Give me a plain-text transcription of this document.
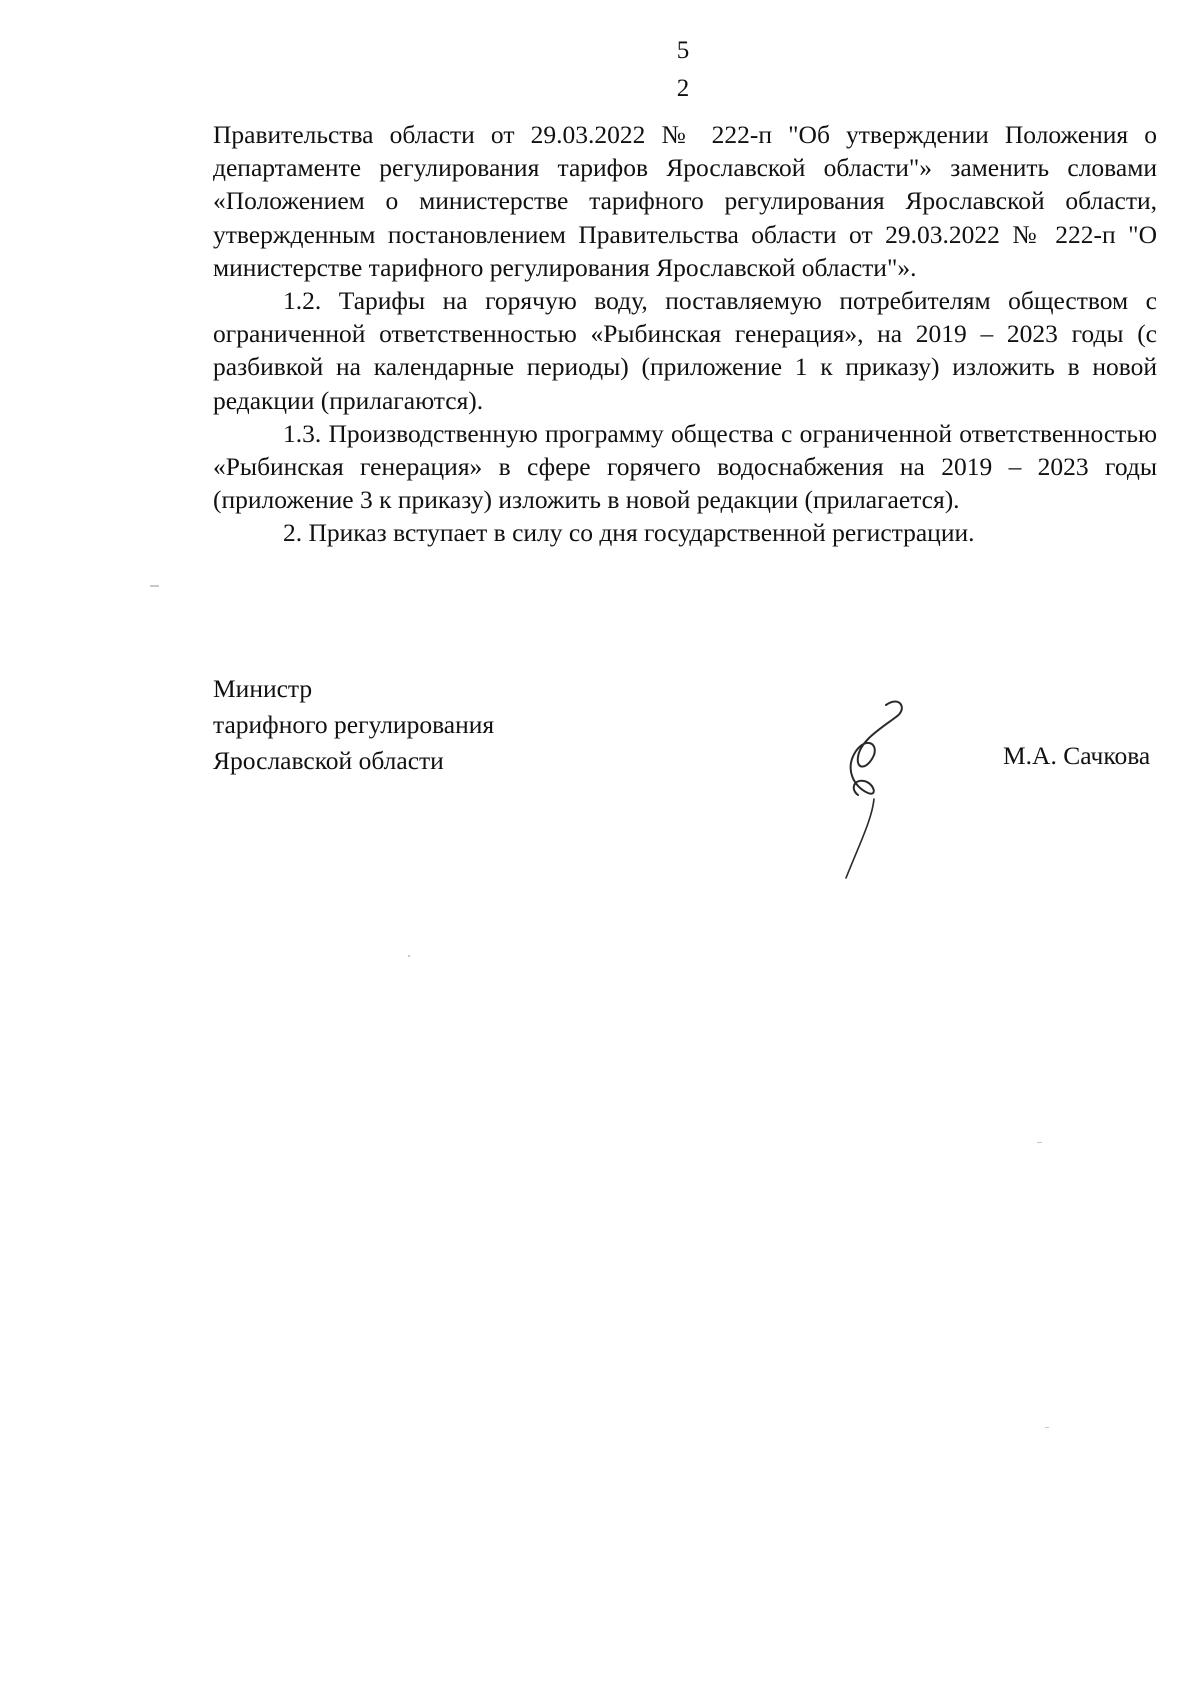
5
2

Правительства области от 29.03.2022 № 222-п "Об утверждении Положения о департаменте регулирования тарифов Ярославской области"» заменить словами «Положением о министерстве тарифного регулирования Ярославской области, утвержденным постановлением Правительства области от 29.03.2022 № 222-п "О министерстве тарифного регулирования Ярославской области"».

1.2. Тарифы на горячую воду, поставляемую потребителям обществом с ограниченной ответственностью «Рыбинская генерация», на 2019 – 2023 годы (с разбивкой на календарные периоды) (приложение 1 к приказу) изложить в новой редакции (прилагаются).

1.3. Производственную программу общества с ограниченной ответственностью «Рыбинская генерация» в сфере горячего водоснабжения на 2019 – 2023 годы (приложение 3 к приказу) изложить в новой редакции (прилагается).

2. Приказ вступает в силу со дня государственной регистрации.

Министр
тарифного регулирования
Ярославской области	М.А. Сачкова
